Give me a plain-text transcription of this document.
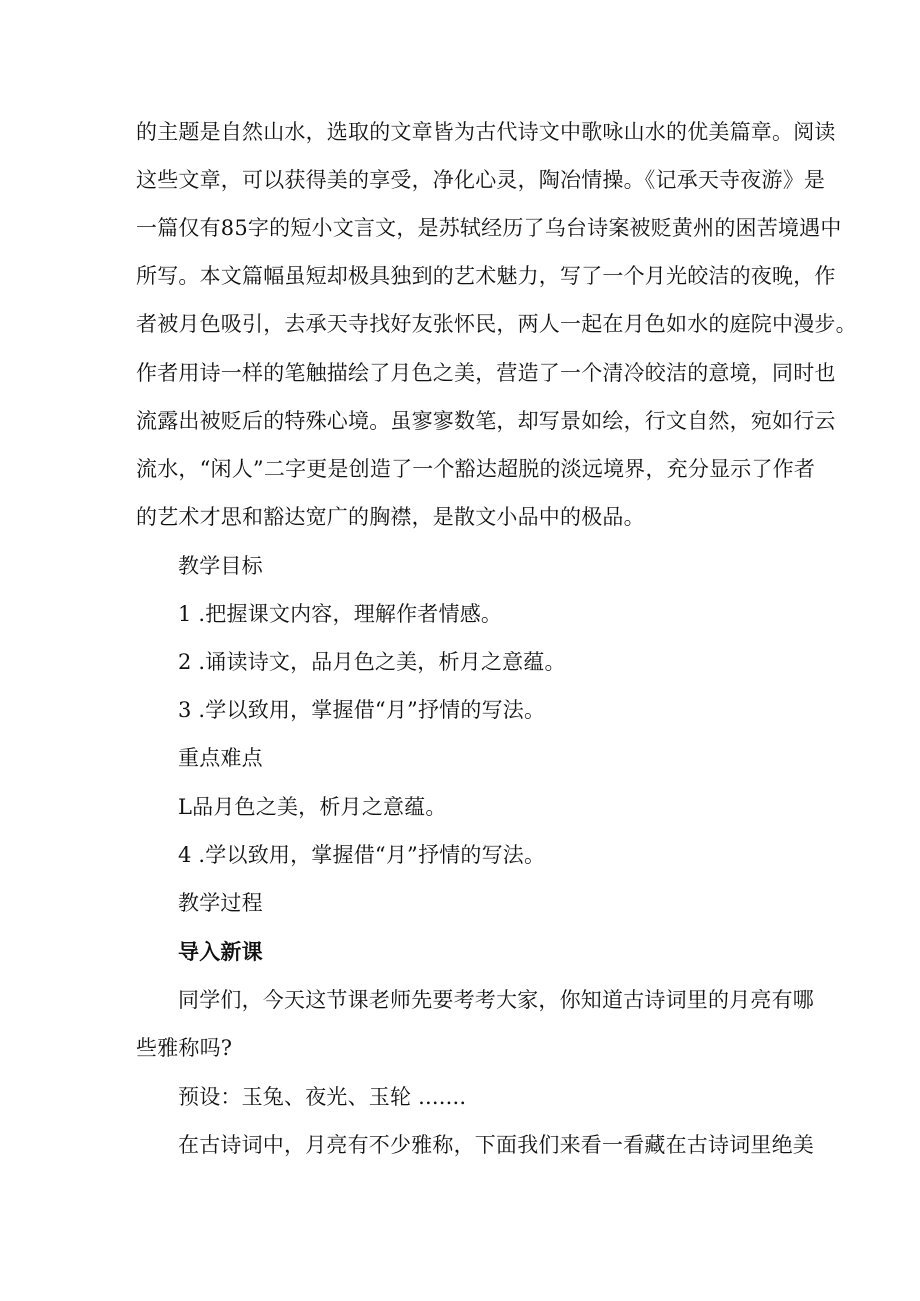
的主题是自然山水，选取的文章皆为古代诗文中歌咏山水的优美篇章。阅读
这些文章，可以获得美的享受，净化心灵，陶冶情操。《记承天寺夜游》是
一篇仅有85字的短小文言文，是苏轼经历了乌台诗案被贬黄州的困苦境遇中
所写。本文篇幅虽短却极具独到的艺术魅力，写了一个月光皎洁的夜晚，作
者被月色吸引，去承天寺找好友张怀民，两人一起在月色如水的庭院中漫步。
作者用诗一样的笔触描绘了月色之美，营造了一个清冷皎洁的意境，同时也
流露出被贬后的特殊心境。虽寥寥数笔，却写景如绘，行文自然，宛如行云
流水，“闲人”二字更是创造了一个豁达超脱的淡远境界，充分显示了作者
的艺术才思和豁达宽广的胸襟，是散文小品中的极品。
教学目标
1 .把握课文内容，理解作者情感。
2 .诵读诗文，品月色之美，析月之意蕴。
3 .学以致用，掌握借“月”抒情的写法。
重点难点
L品月色之美，析月之意蕴。
4 .学以致用，掌握借“月”抒情的写法。
教学过程
导入新课
同学们，今天这节课老师先要考考大家，你知道古诗词里的月亮有哪
些雅称吗?
预设：玉兔、夜光、玉轮 .......
在古诗词中，月亮有不少雅称，下面我们来看一看藏在古诗词里绝美
